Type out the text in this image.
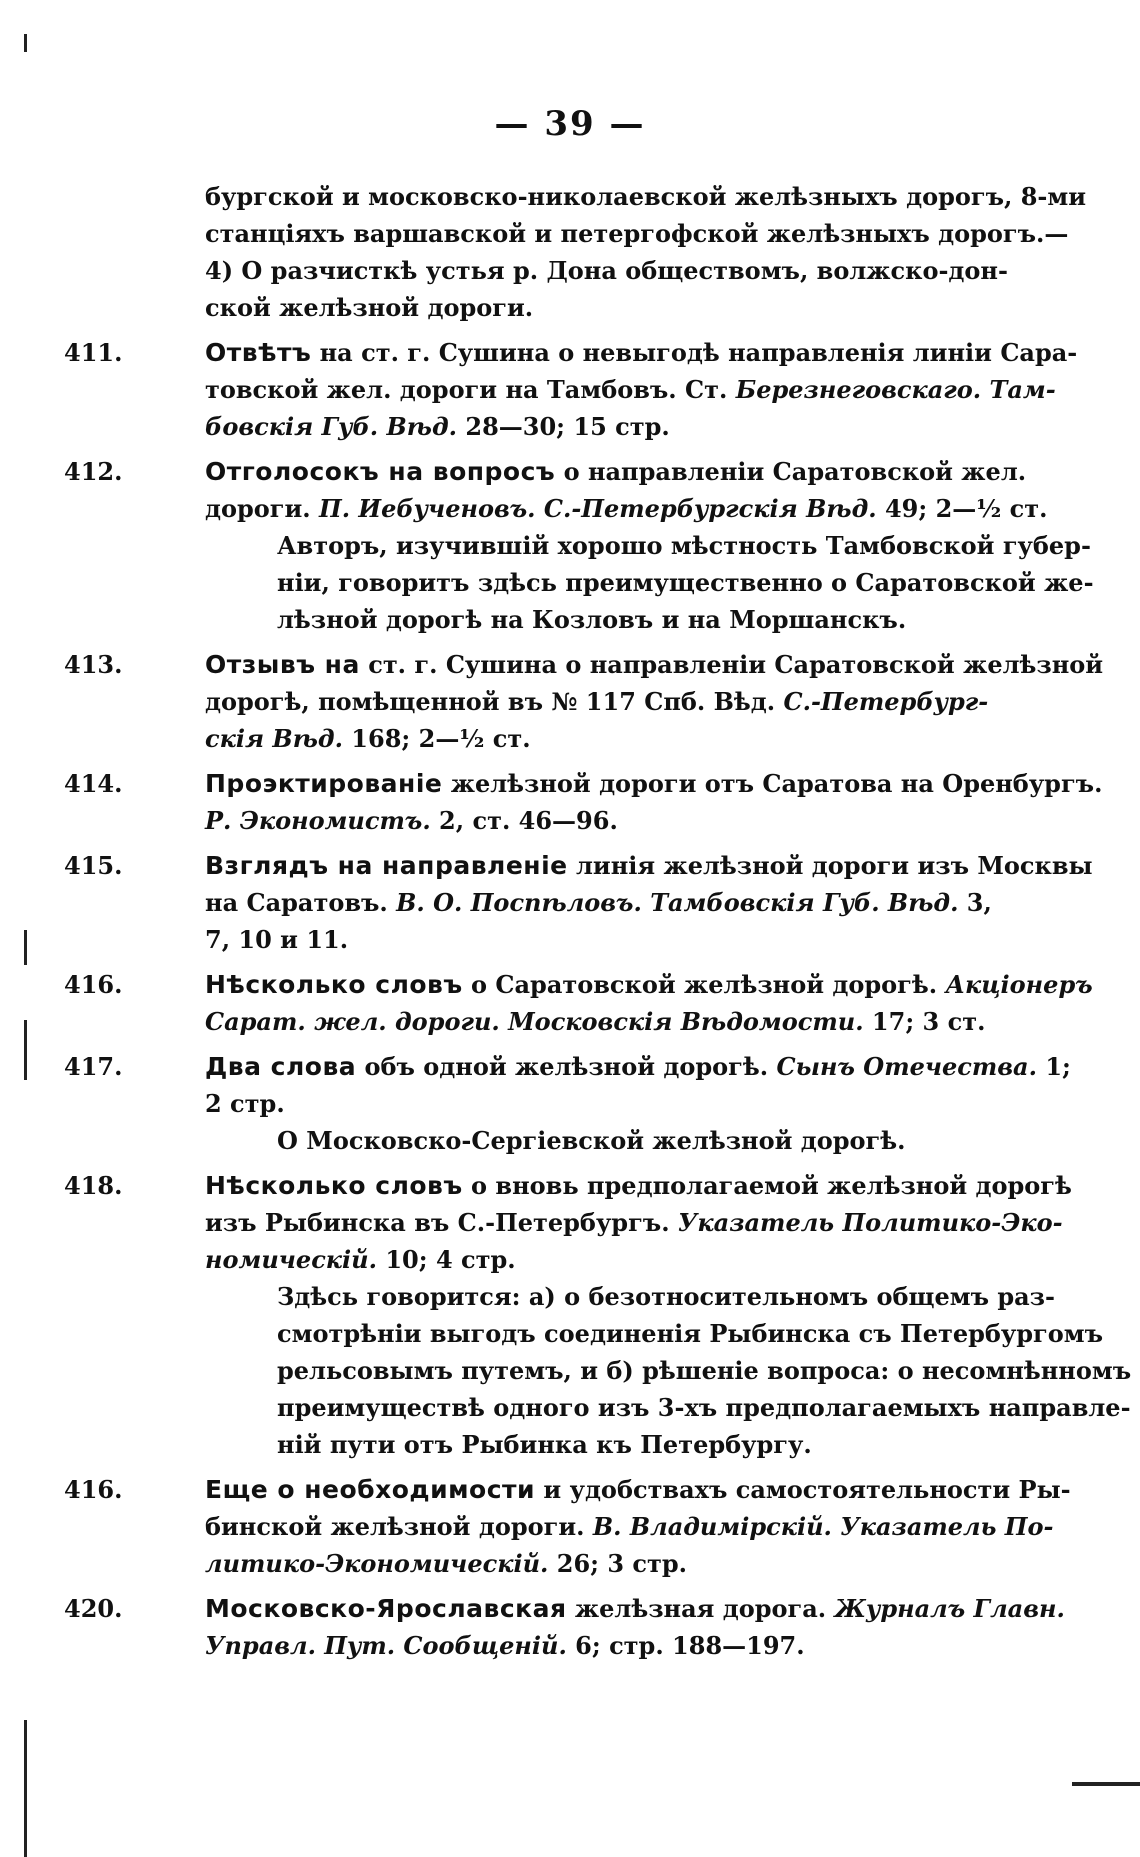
— 39 —
бургской и московско-николаевской желѣзныхъ дорогъ, 8-ми
станціяхъ варшавской и петергофской желѣзныхъ дорогъ.—
4) О разчисткѣ устья р. Дона обществомъ, волжско-дон-
ской желѣзной дороги.
411.	Отвѣтъ на ст. г. Сушина о невыгодѣ направленія линіи Сара-
товской жел. дороги на Тамбовъ. Ст. Березнеговскаго. Там-
бовскія Губ. Вѣд. 28—30; 15 стр.
412.	Отголосокъ на вопросъ о направленіи Саратовской жел.
дороги. П. Иебученовъ. С.-Петербургскія Вѣд. 49; 2—½ ст.
Авторъ, изучившій хорошо мѣстность Тамбовской губер-
ніи, говоритъ здѣсь преимущественно о Саратовской же-
лѣзной дорогѣ на Козловъ и на Моршанскъ.
413.	Отзывъ на ст. г. Сушина о направленіи Саратовской желѣзной
дорогѣ, помѣщенной въ № 117 Спб. Вѣд. С.-Петербург-
скія Вѣд. 168; 2—½ ст.
414.	Проэктированіе желѣзной дороги отъ Саратова на Оренбургъ.
Р. Экономистъ. 2, ст. 46—96.
415.	Взглядъ на направленіе линія желѣзной дороги изъ Москвы
на Саратовъ. В. О. Поспѣловъ. Тамбовскія Губ. Вѣд. 3,
7, 10 и 11.
416.	Нѣсколько словъ о Саратовской желѣзной дорогѣ. Акціонеръ
Сарат. жел. дороги. Московскія Вѣдомости. 17; 3 ст.
417.	Два слова объ одной желѣзной дорогѣ. Сынъ Отечества. 1;
2 стр.
О Московско-Сергіевской желѣзной дорогѣ.
418.	Нѣсколько словъ о вновь предполагаемой желѣзной дорогѣ
изъ Рыбинска въ С.-Петербургъ. Указатель Политико-Эко-
номическій. 10; 4 стр.
Здѣсь говорится: а) о безотносительномъ общемъ раз-
смотрѣніи выгодъ соединенія Рыбинска съ Петербургомъ
рельсовымъ путемъ, и б) рѣшеніе вопроса: о несомнѣнномъ
преимуществѣ одного изъ 3-хъ предполагаемыхъ направле-
ній пути отъ Рыбинка къ Петербургу.
416.	Еще о необходимости и удобствахъ самостоятельности Ры-
бинской желѣзной дороги. В. Владимірскій. Указатель По-
литико-Экономическій. 26; 3 стр.
420.	Московско-Ярославская желѣзная дорога. Журналъ Главн.
Управл. Пут. Сообщеній. 6; стр. 188—197.
